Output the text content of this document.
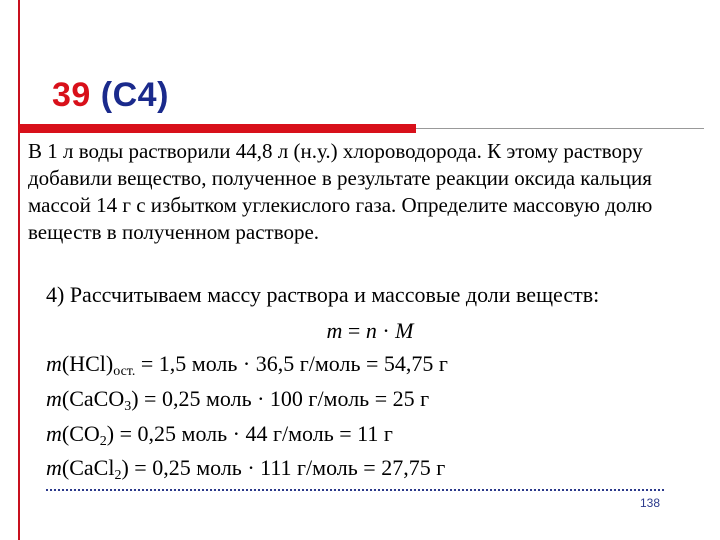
39 (C4)
В 1 л воды растворили 44,8 л (н.у.) хлороводорода. К этому раствору добавили вещество, полученное в результате реакции оксида кальция массой 14 г с избытком углекислого газа. Определите массовую долю веществ в полученном растворе.
4) Рассчитываем массу раствора и массовые доли веществ:
m = n · M
$m(HCl)_{ост.} = 1,5$ моль · 36,5 г/моль = 54,75 г
m(CaCO$_3$) = 0,25 моль · 100 г/моль = 25 г
$m(CO_2) = 0,25$ моль · 44 г/моль = 11 г
m(CaCl$_2$) = 0,25 моль · 111 г/моль = 27,75 г
138
